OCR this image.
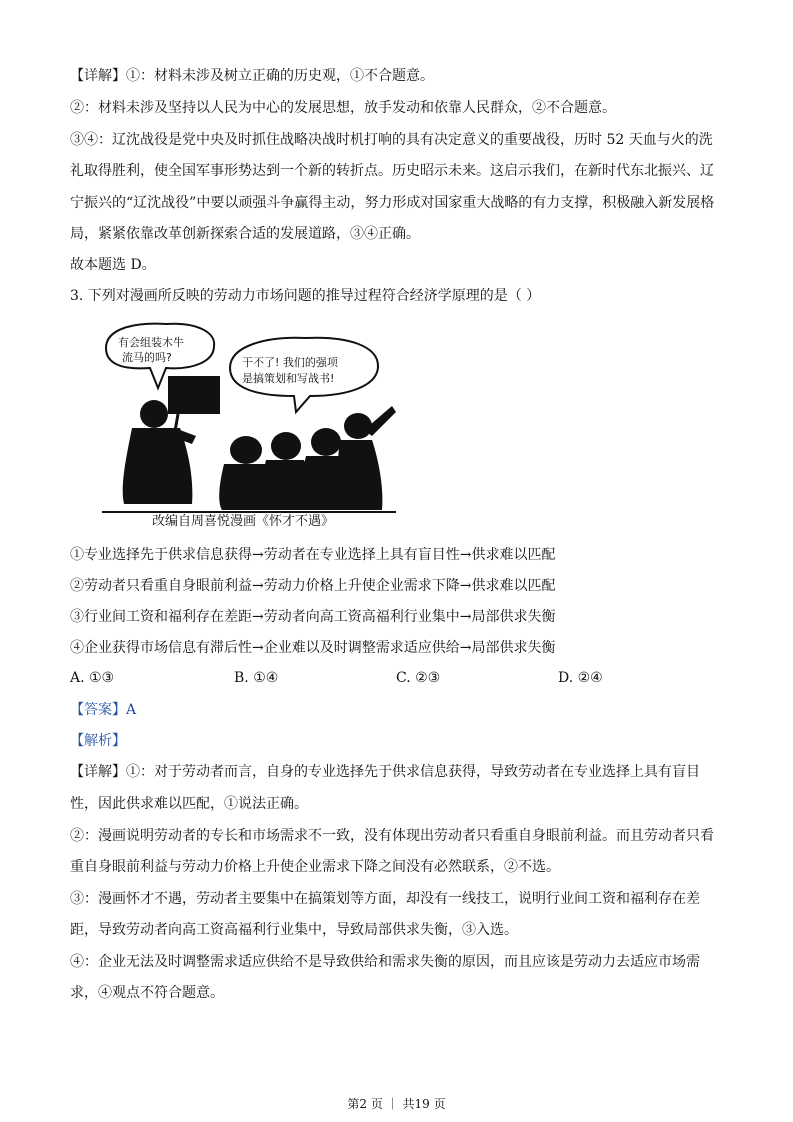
【详解】①：材料未涉及树立正确的历史观，①不合题意。
②：材料未涉及坚持以人民为中心的发展思想，放手发动和依靠人民群众，②不合题意。
③④：辽沈战役是党中央及时抓住战略决战时机打响的具有决定意义的重要战役，历时 52 天血与火的洗
礼取得胜利，使全国军事形势达到一个新的转折点。历史昭示未来。这启示我们，在新时代东北振兴、辽
宁振兴的“辽沈战役”中要以顽强斗争赢得主动，努力形成对国家重大战略的有力支撑，积极融入新发展格
局，紧紧依靠改革创新探索合适的发展道路，③④正确。
故本题选 D。
3. 下列对漫画所反映的劳动力市场问题的推导过程符合经济学原理的是（ ）
有会组装木牛
流马的吗?	干不了! 我们的强项
是搞策划和写战书!
改编自周喜悦漫画《怀才不遇》
①专业选择先于供求信息获得→劳动者在专业选择上具有盲目性→供求难以匹配
②劳动者只看重自身眼前利益→劳动力价格上升使企业需求下降→供求难以匹配
③行业间工资和福利存在差距→劳动者向高工资高福利行业集中→局部供求失衡
④企业获得市场信息有滞后性→企业难以及时调整需求适应供给→局部供求失衡
A. ①③	B. ①④	C. ②③	D. ②④
【答案】A
【解析】
【详解】①：对于劳动者而言，自身的专业选择先于供求信息获得，导致劳动者在专业选择上具有盲目
性，因此供求难以匹配，①说法正确。
②：漫画说明劳动者的专长和市场需求不一致，没有体现出劳动者只看重自身眼前利益。而且劳动者只看
重自身眼前利益与劳动力价格上升使企业需求下降之间没有必然联系，②不选。
③：漫画怀才不遇，劳动者主要集中在搞策划等方面，却没有一线技工，说明行业间工资和福利存在差
距，导致劳动者向高工资高福利行业集中，导致局部供求失衡，③入选。
④：企业无法及时调整需求适应供给不是导致供给和需求失衡的原因，而且应该是劳动力去适应市场需
求，④观点不符合题意。
第2 页 ｜ 共19 页
